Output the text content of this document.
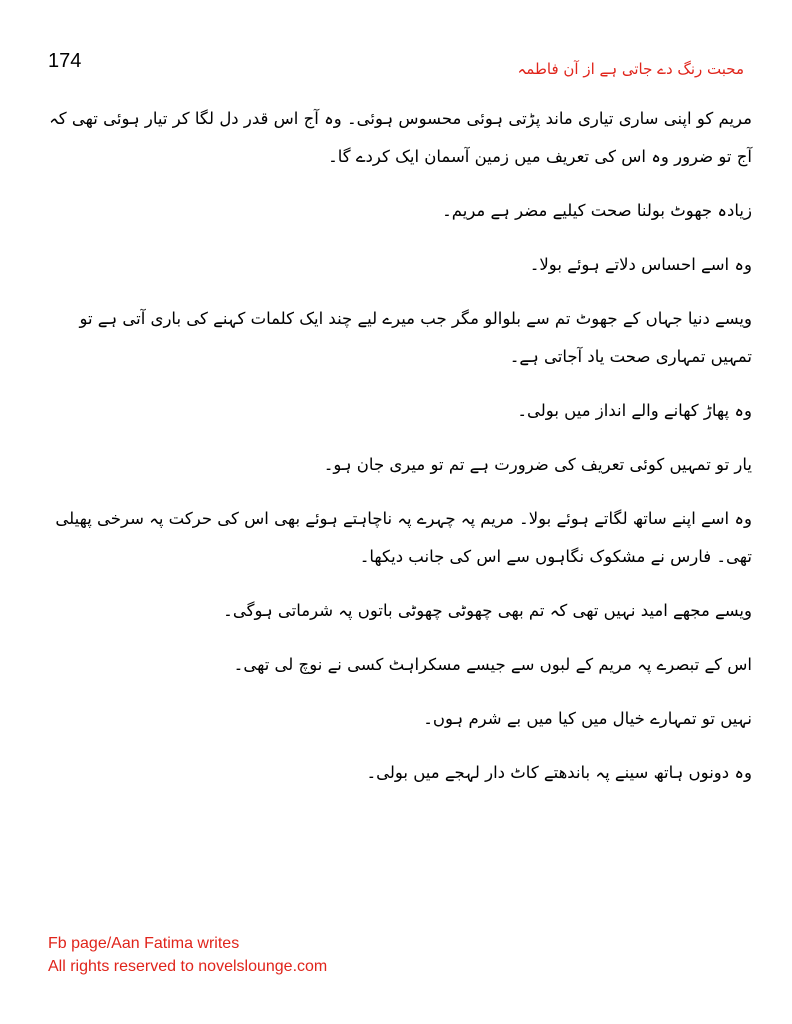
174	محبت رنگ دے جاتی ہے از آن فاطمہ

مریم کو اپنی ساری تیاری ماند پڑتی ہوئی محسوس ہوئی۔ وہ آج اس قدر دل لگا کر تیار ہوئی تھی کہ آج تو ضرور وہ اس کی تعریف میں زمین آسمان ایک کردے گا۔

زیادہ جھوٹ بولنا صحت کیلیے مضر ہے مریم۔

وہ اسے احساس دلاتے ہوئے بولا۔

ویسے دنیا جہاں کے جھوٹ تم سے بلوالو مگر جب میرے لیے چند ایک کلمات کہنے کی باری آتی ہے تو تمہیں تمہاری صحت یاد آجاتی ہے۔

وہ پھاڑ کھانے والے انداز میں بولی۔

یار تو تمہیں کوئی تعریف کی ضرورت ہے تم تو میری جان ہو۔

وہ اسے اپنے ساتھ لگاتے ہوئے بولا۔ مریم پہ چہرے پہ ناچاہتے ہوئے بھی اس کی حرکت پہ سرخی پھیلی تھی۔ فارس نے مشکوک نگاہوں سے اس کی جانب دیکھا۔

ویسے مجھے امید نہیں تھی کہ تم بھی چھوٹی چھوٹی باتوں پہ شرماتی ہوگی۔

اس کے تبصرے پہ مریم کے لبوں سے جیسے مسکراہٹ کسی نے نوچ لی تھی۔

نہیں تو تمہارے خیال میں کیا میں بے شرم ہوں۔

وہ دونوں ہاتھ سینے پہ باندھتے کاٹ دار لہجے میں بولی۔

Fb page/Aan Fatima writes
All rights reserved to novelslounge.com
